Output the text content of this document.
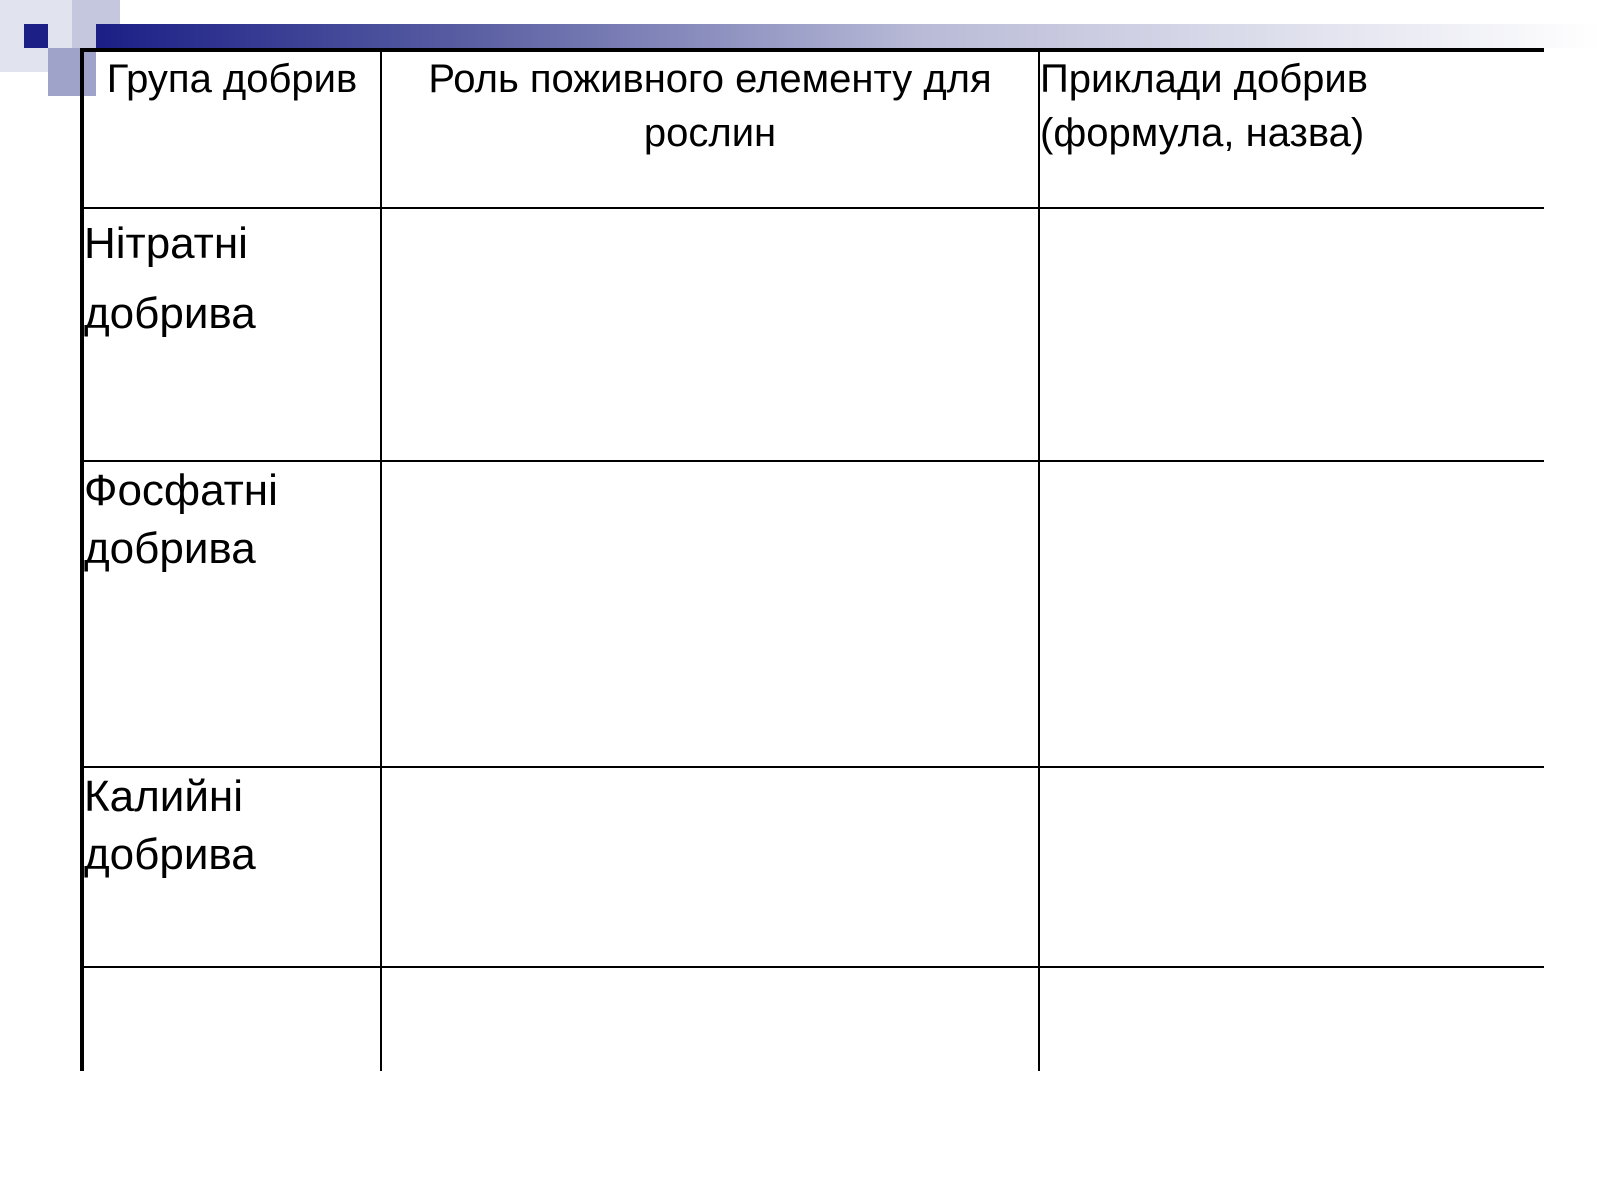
Група добрив	Роль поживного елементу для рослин	Приклади добрив (формула, назва)
Нітратні добрива		
Фосфатні добрива		
Калийні добрива		
